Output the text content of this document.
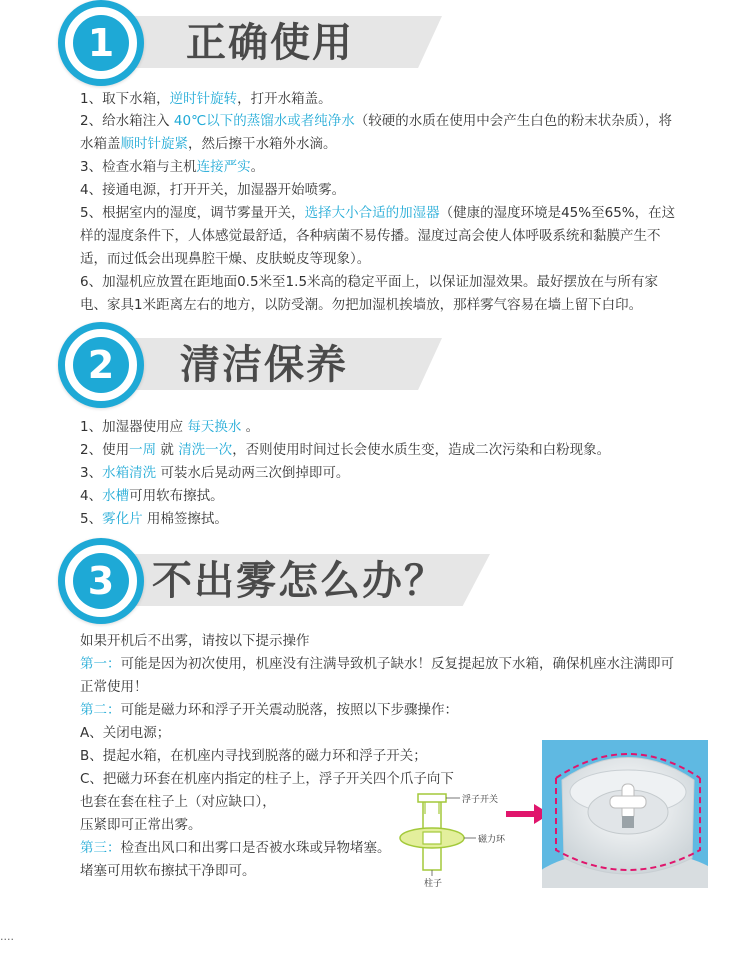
1	正确使用

1、取下水箱，逆时针旋转，打开水箱盖。

2、给水箱注入 40℃以下的蒸馏水或者纯净水（较硬的水质在使用中会产生白色的粉末状杂质），将水箱盖顺时针旋紧，然后擦干水箱外水滴。

3、检查水箱与主机连接严实。

4、接通电源，打开开关，加湿器开始喷雾。

5、根据室内的湿度，调节雾量开关，选择大小合适的加湿器（健康的湿度环境是45%至65%，在这样的湿度条件下，人体感觉最舒适，各种病菌不易传播。湿度过高会使人体呼吸系统和黏膜产生不适，而过低会出现鼻腔干燥、皮肤蜕皮等现象）。

6、加湿机应放置在距地面0.5米至1.5米高的稳定平面上，以保证加湿效果。最好摆放在与所有家电、家具1米距离左右的地方，以防受潮。勿把加湿机挨墙放，那样雾气容易在墙上留下白印。

2	清洁保养

1、加湿器使用应 每天换水 。

2、使用一周 就 清洗一次，否则使用时间过长会使水质生变，造成二次污染和白粉现象。

3、水箱清洗 可装水后晃动两三次倒掉即可。

4、水槽可用软布擦拭。

5、雾化片 用棉签擦拭。

3 不出雾怎么办？

如果开机后不出雾，请按以下提示操作

第一：可能是因为初次使用，机座没有注满导致机子缺水！反复提起放下水箱，确保机座水注满即可正常使用！

第二：可能是磁力环和浮子开关震动脱落，按照以下步骤操作：

A、关闭电源；

B、提起水箱，在机座内寻找到脱落的磁力环和浮子开关；

C、把磁力环套在机座内指定的柱子上，浮子开关四个爪子向下

也套在套在柱子上（对应缺口），

压紧即可正常出雾。

第三：检查出风口和出雾口是否被水珠或异物堵塞。

堵塞可用软布擦拭干净即可。

浮子开关
磁力环
柱子
....
